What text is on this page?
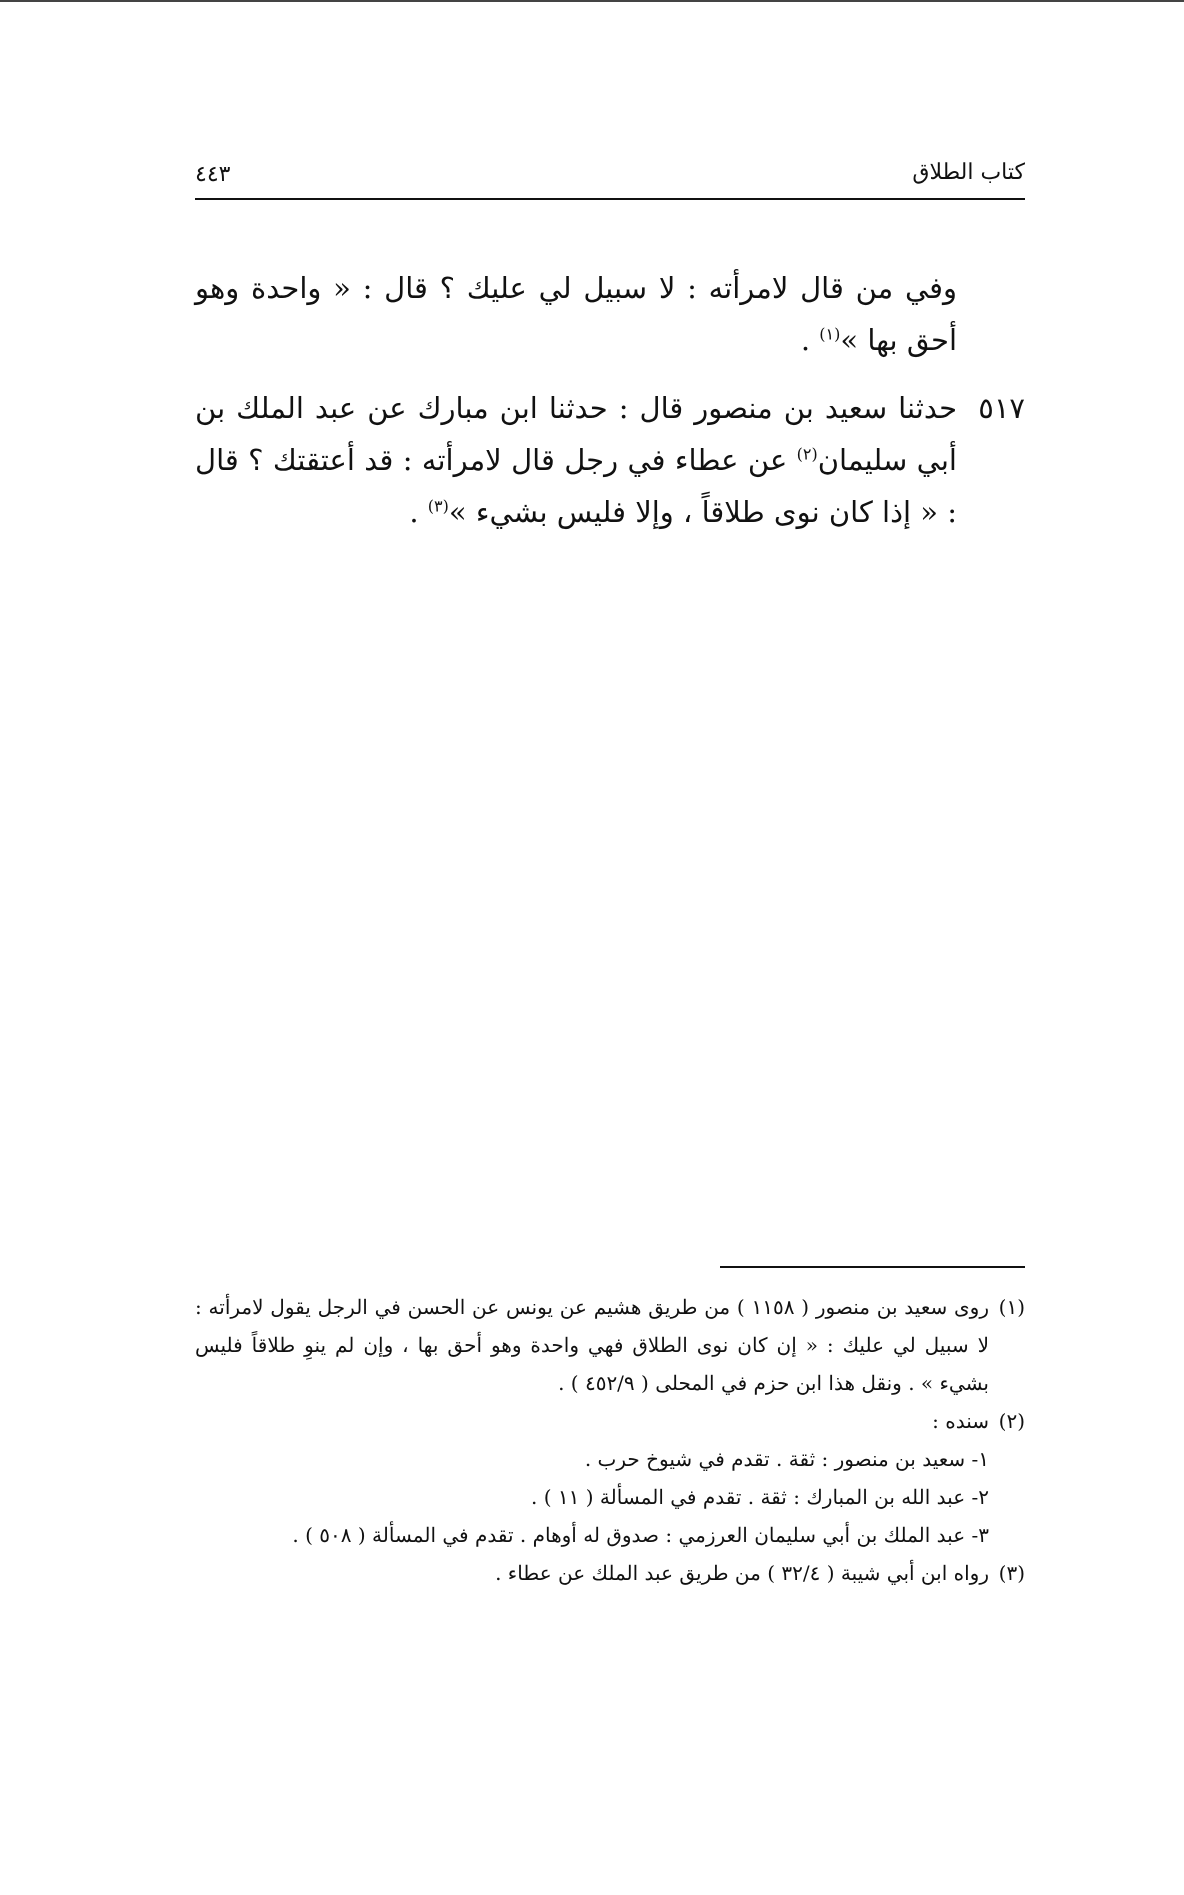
كتاب الطلاق
٤٤٣

وفي من قال لامرأته : لا سبيل لي عليك ؟ قال : « واحدة وهو أحق بها »$^{(١)}$ .

٥١٧
حدثنا سعيد بن منصور قال : حدثنا ابن مبارك عن عبد الملك بن أبي سليمان$^{(٢)}$ عن عطاء في رجل قال لامرأته : قد أعتقتك ؟ قال : « إذا كان نوى طلاقاً ، وإلا فليس بشيء »$^{(٣)}$ .

(١)
روى سعيد بن منصور ( ١١٥٨ ) من طريق هشيم عن يونس عن الحسن في الرجل يقول لامرأته : لا سبيل لي عليك : « إن كان نوى الطلاق فهي واحدة وهو أحق بها ، وإن لم ينوِ طلاقاً فليس بشيء » . ونقل هذا ابن حزم في المحلى ( ٤٥٢/٩ ) .

(٢)
سنده :

١- سعيد بن منصور : ثقة . تقدم في شيوخ حرب .

٢- عبد الله بن المبارك : ثقة . تقدم في المسألة ( ١١ ) .

٣- عبد الملك بن أبي سليمان العرزمي : صدوق له أوهام . تقدم في المسألة ( ٥٠٨ ) .

(٣)
رواه ابن أبي شيبة ( ٣٢/٤ ) من طريق عبد الملك عن عطاء .
